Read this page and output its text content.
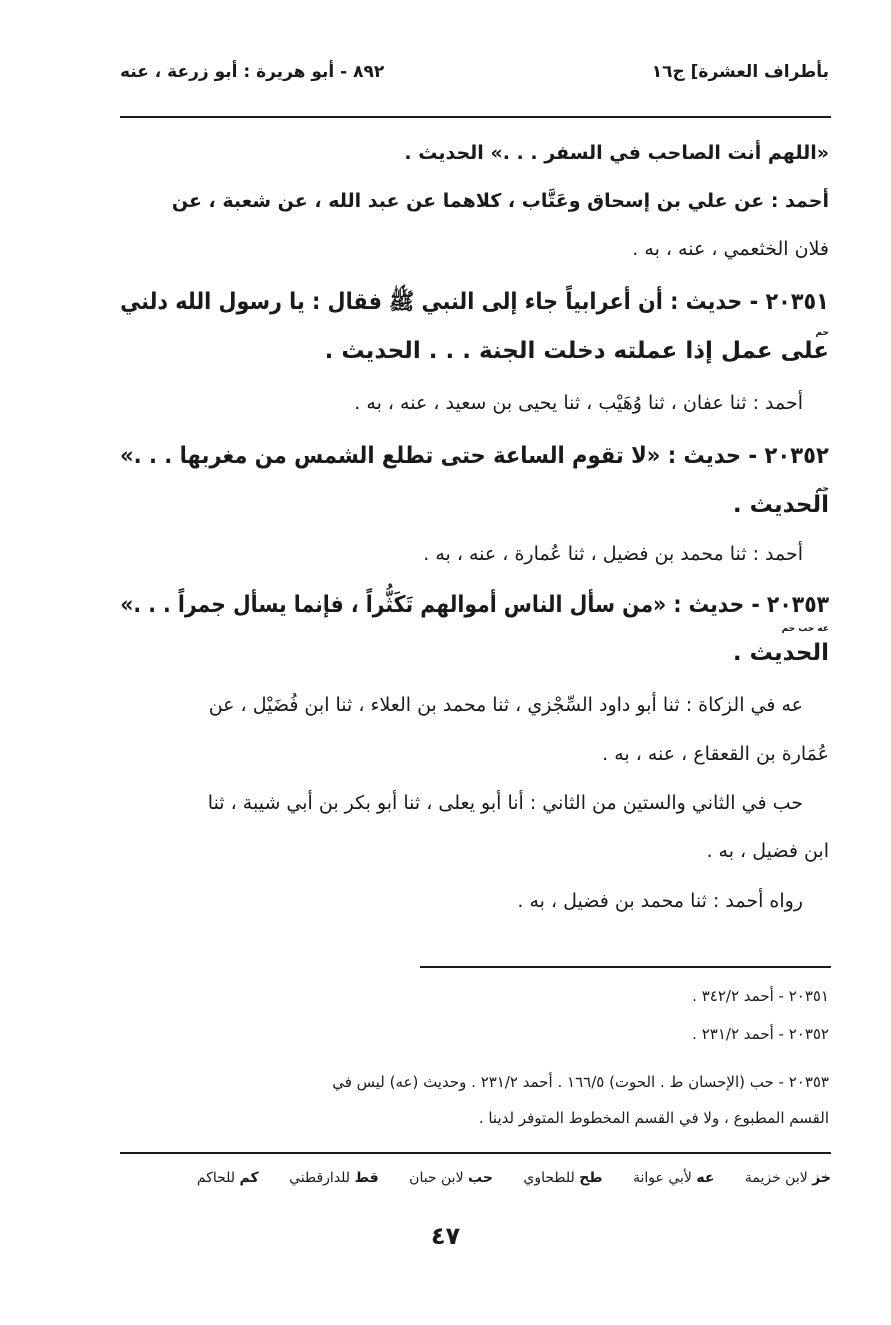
بأطراف العشرة] ج١٦
٨٩٢ - أبو هريرة : أبو زرعة ، عنه
«اللهم أنت الصاحب في السفر . . .» الحديث .
أحمد : عن علي بن إسحاق وعَتَّاب ، كلاهما عن عبد الله ، عن شعبة ، عن
فلان الخثعمي ، عنه ، به .
٢٠٣٥١ - حديث : أن أعرابياً جاء إلى النبي ﷺ فقال : يا رسول الله دلني
حم
على عمل إذا عملته دخلت الجنة . . . الحديث .
أحمد : ثنا عفان ، ثنا وُهَيْب ، ثنا يحيى بن سعيد ، عنه ، به .
٢٠٣٥٢ - حديث : «لا تقوم الساعة حتى تطلع الشمس من مغربها . . .»
حم
الحديث .
أحمد : ثنا محمد بن فضيل ، ثنا عُمارة ، عنه ، به .
٢٠٣٥٣ - حديث : «من سأل الناس أموالهم تَكَثُّراً ، فإنما يسأل جمراً . . .»
عه حب حم
الحديث .
عه في الزكاة : ثنا أبو داود السِّجْزي ، ثنا محمد بن العلاء ، ثنا ابن فُضَيْل ، عن
عُمَارة بن القعقاع ، عنه ، به .
حب في الثاني والستين من الثاني : أنا أبو يعلى ، ثنا أبو بكر بن أبي شيبة ، ثنا
ابن فضيل ، به .
رواه أحمد : ثنا محمد بن فضيل ، به .
٢٠٣٥١ - أحمد ٣٤٢/٢ .
٢٠٣٥٢ - أحمد ٢٣١/٢ .
٢٠٣٥٣ - حب (الإحسان ط . الحوت) ١٦٦/٥ . أحمد ٢٣١/٢ . وحديث (عه) ليس في
القسم المطبوع ، ولا في القسم المخطوط المتوفر لدينا .
خز لابن خزيمة عه لأبي عوانة طح للطحاوي حب لابن حبان قط للدارقطني كم للحاكم
٤٧
